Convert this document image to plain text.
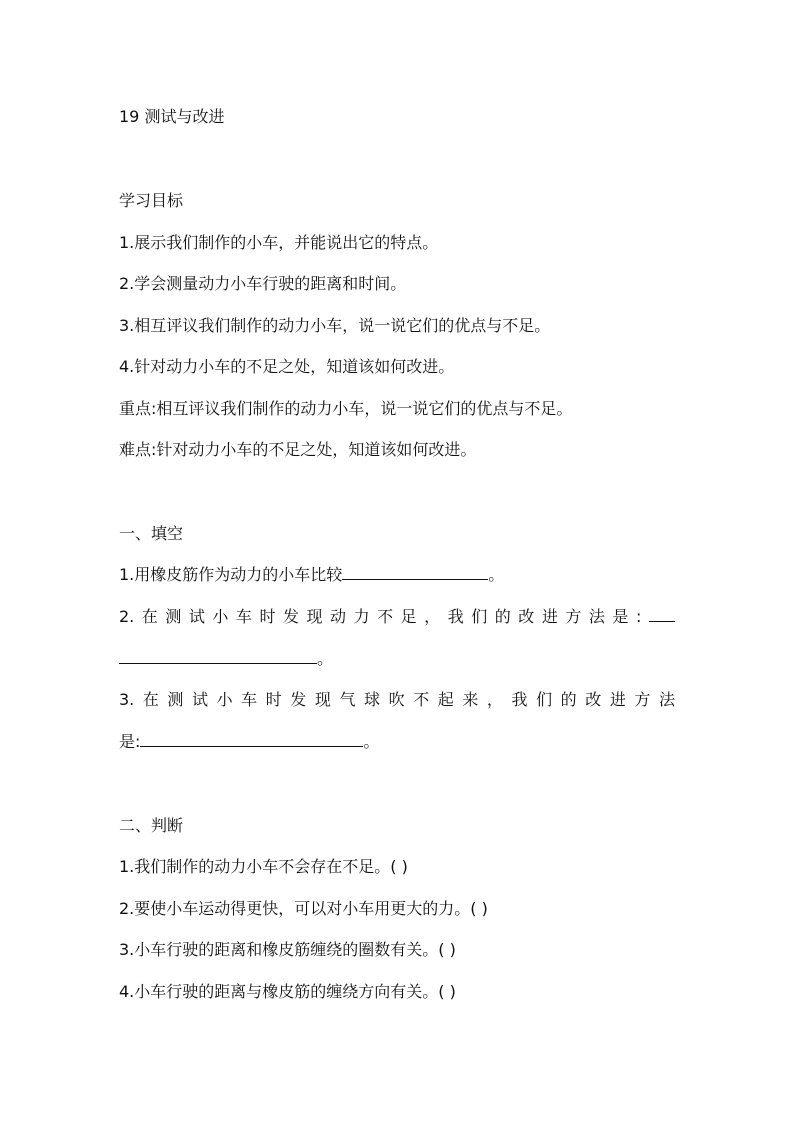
19 测试与改进
学习目标
1.展示我们制作的小车，并能说出它的特点。
2.学会测量动力小车行驶的距离和时间。
3.相互评议我们制作的动力小车，说一说它们的优点与不足。
4.针对动力小车的不足之处，知道该如何改进。
重点:相互评议我们制作的动力小车，说一说它们的优点与不足。
难点:针对动力小车的不足之处，知道该如何改进。
一、填空
1.用橡皮筋作为动力的小车比较	。
2. 在 测 试 小 车 时 发 现 动 力 不 足 ， 我 们 的 改 进 方 法 是 :
。
3. 在 测 试 小 车 时 发 现 气 球 吹 不 起 来 ， 我 们 的 改 进 方 法
是:	。
二、判断
1.我们制作的动力小车不会存在不足。( )
2.要使小车运动得更快，可以对小车用更大的力。( )
3.小车行驶的距离和橡皮筋缠绕的圈数有关。( )
4.小车行驶的距离与橡皮筋的缠绕方向有关。( )
